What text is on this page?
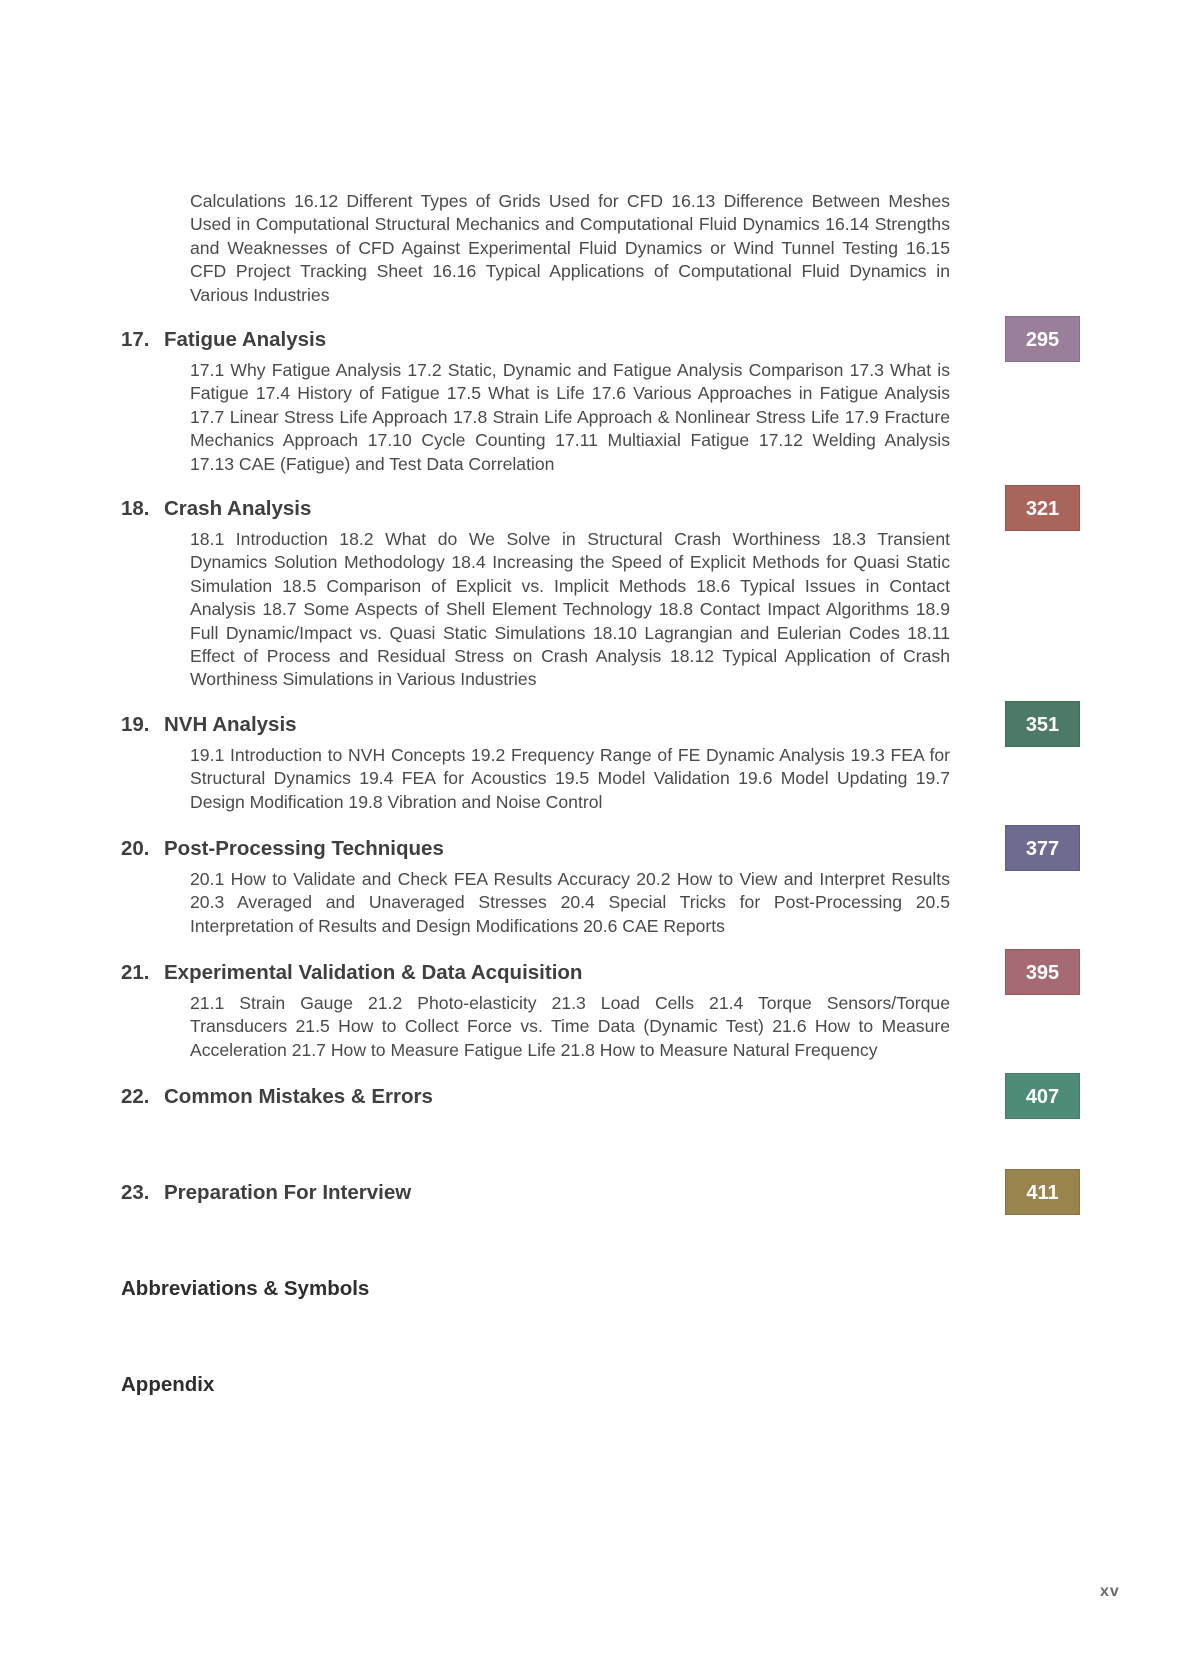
Calculations 16.12 Different Types of Grids Used for CFD 16.13 Difference Between Meshes Used in Computational Structural Mechanics and Computational Fluid Dynamics 16.14 Strengths and Weaknesses of CFD Against Experimental Fluid Dynamics or Wind Tunnel Testing 16.15 CFD Project Tracking Sheet 16.16 Typical Applications of Computational Fluid Dynamics in Various Industries
17. Fatigue Analysis	295
17.1 Why Fatigue Analysis 17.2 Static, Dynamic and Fatigue Analysis Comparison 17.3 What is Fatigue 17.4 History of Fatigue 17.5 What is Life 17.6 Various Approaches in Fatigue Analysis 17.7 Linear Stress Life Approach 17.8 Strain Life Approach & Nonlinear Stress Life 17.9 Fracture Mechanics Approach 17.10 Cycle Counting 17.11 Multiaxial Fatigue 17.12 Welding Analysis 17.13 CAE (Fatigue) and Test Data Correlation
18. Crash Analysis	321
18.1 Introduction 18.2 What do We Solve in Structural Crash Worthiness 18.3 Transient Dynamics Solution Methodology 18.4 Increasing the Speed of Explicit Methods for Quasi Static Simulation 18.5 Comparison of Explicit vs. Implicit Methods 18.6 Typical Issues in Contact Analysis 18.7 Some Aspects of Shell Element Technology 18.8 Contact Impact Algorithms 18.9 Full Dynamic/Impact vs. Quasi Static Simulations 18.10 Lagrangian and Eulerian Codes 18.11 Effect of Process and Residual Stress on Crash Analysis 18.12 Typical Application of Crash Worthiness Simulations in Various Industries
19. NVH Analysis	351
19.1 Introduction to NVH Concepts 19.2 Frequency Range of FE Dynamic Analysis 19.3 FEA for Structural Dynamics 19.4 FEA for Acoustics 19.5 Model Validation 19.6 Model Updating 19.7 Design Modification 19.8 Vibration and Noise Control
20. Post-Processing Techniques	377
20.1 How to Validate and Check FEA Results Accuracy 20.2 How to View and Interpret Results 20.3 Averaged and Unaveraged Stresses 20.4 Special Tricks for Post-Processing 20.5 Interpretation of Results and Design Modifications 20.6 CAE Reports
21. Experimental Validation & Data Acquisition	395
21.1 Strain Gauge 21.2 Photo-elasticity 21.3 Load Cells 21.4 Torque Sensors/Torque Transducers 21.5 How to Collect Force vs. Time Data (Dynamic Test) 21.6 How to Measure Acceleration 21.7 How to Measure Fatigue Life 21.8 How to Measure Natural Frequency
22. Common Mistakes & Errors	407
23. Preparation For Interview	411
Abbreviations & Symbols
Appendix
xv
